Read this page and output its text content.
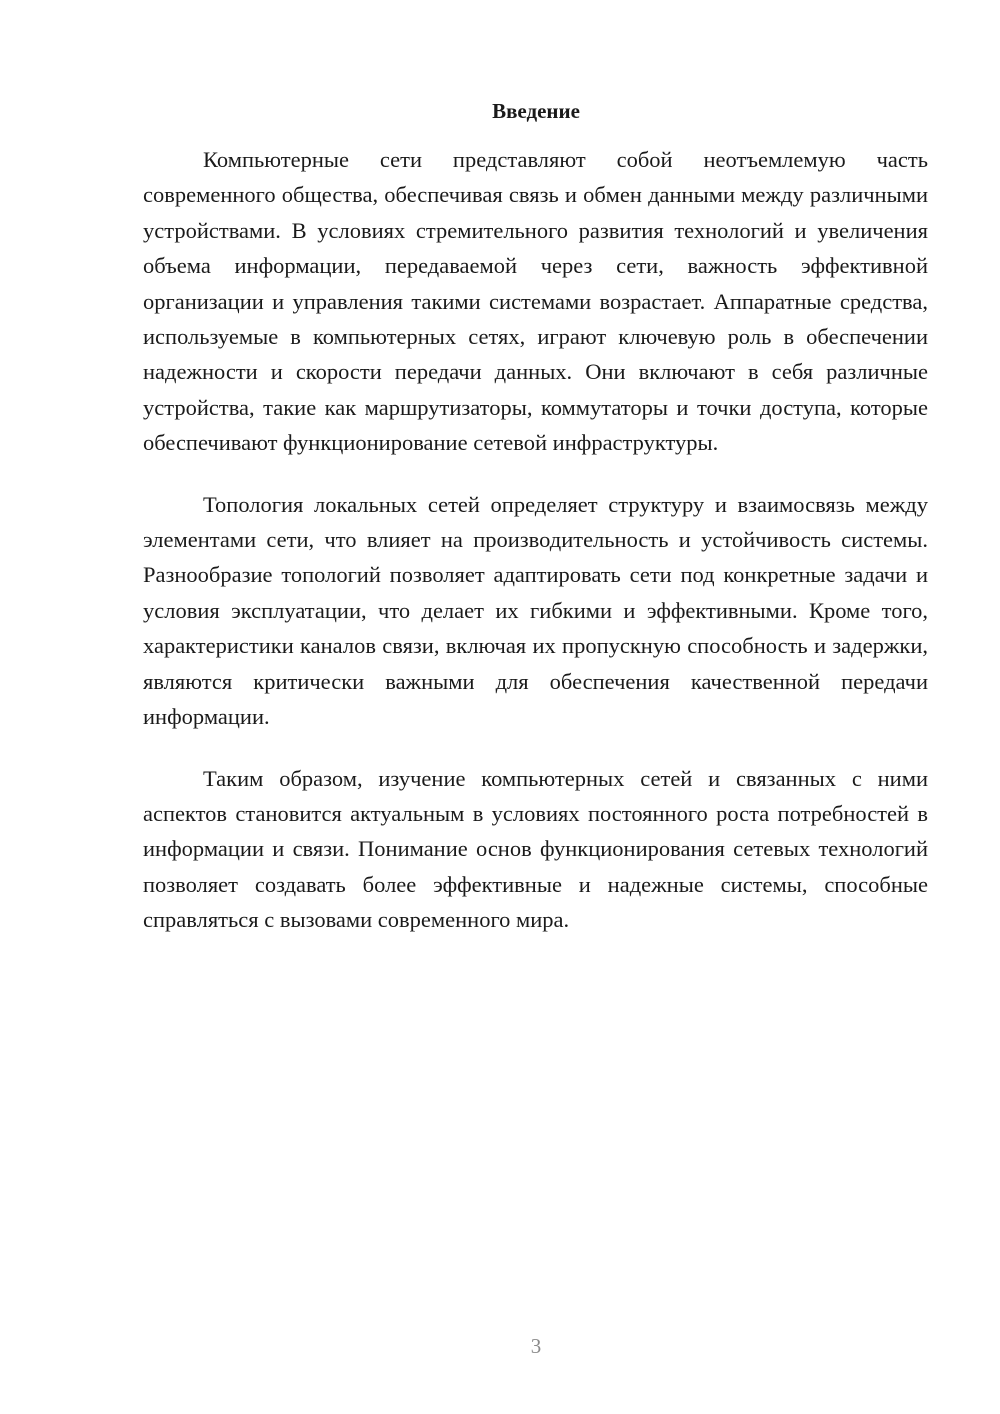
Введение

Компьютерные сети представляют собой неотъемлемую часть современного общества, обеспечивая связь и обмен данными между различными устройствами. В условиях стремительного развития технологий и увеличения объема информации, передаваемой через сети, важность эффективной организации и управления такими системами возрастает. Аппаратные средства, используемые в компьютерных сетях, играют ключевую роль в обеспечении надежности и скорости передачи данных. Они включают в себя различные устройства, такие как маршрутизаторы, коммутаторы и точки доступа, которые обеспечивают функционирование сетевой инфраструктуры.

Топология локальных сетей определяет структуру и взаимосвязь между элементами сети, что влияет на производительность и устойчивость системы. Разнообразие топологий позволяет адаптировать сети под конкретные задачи и условия эксплуатации, что делает их гибкими и эффективными. Кроме того, характеристики каналов связи, включая их пропускную способность и задержки, являются критически важными для обеспечения качественной передачи информации.

Таким образом, изучение компьютерных сетей и связанных с ними аспектов становится актуальным в условиях постоянного роста потребностей в информации и связи. Понимание основ функционирования сетевых технологий позволяет создавать более эффективные и надежные системы, способные справляться с вызовами современного мира.

3
